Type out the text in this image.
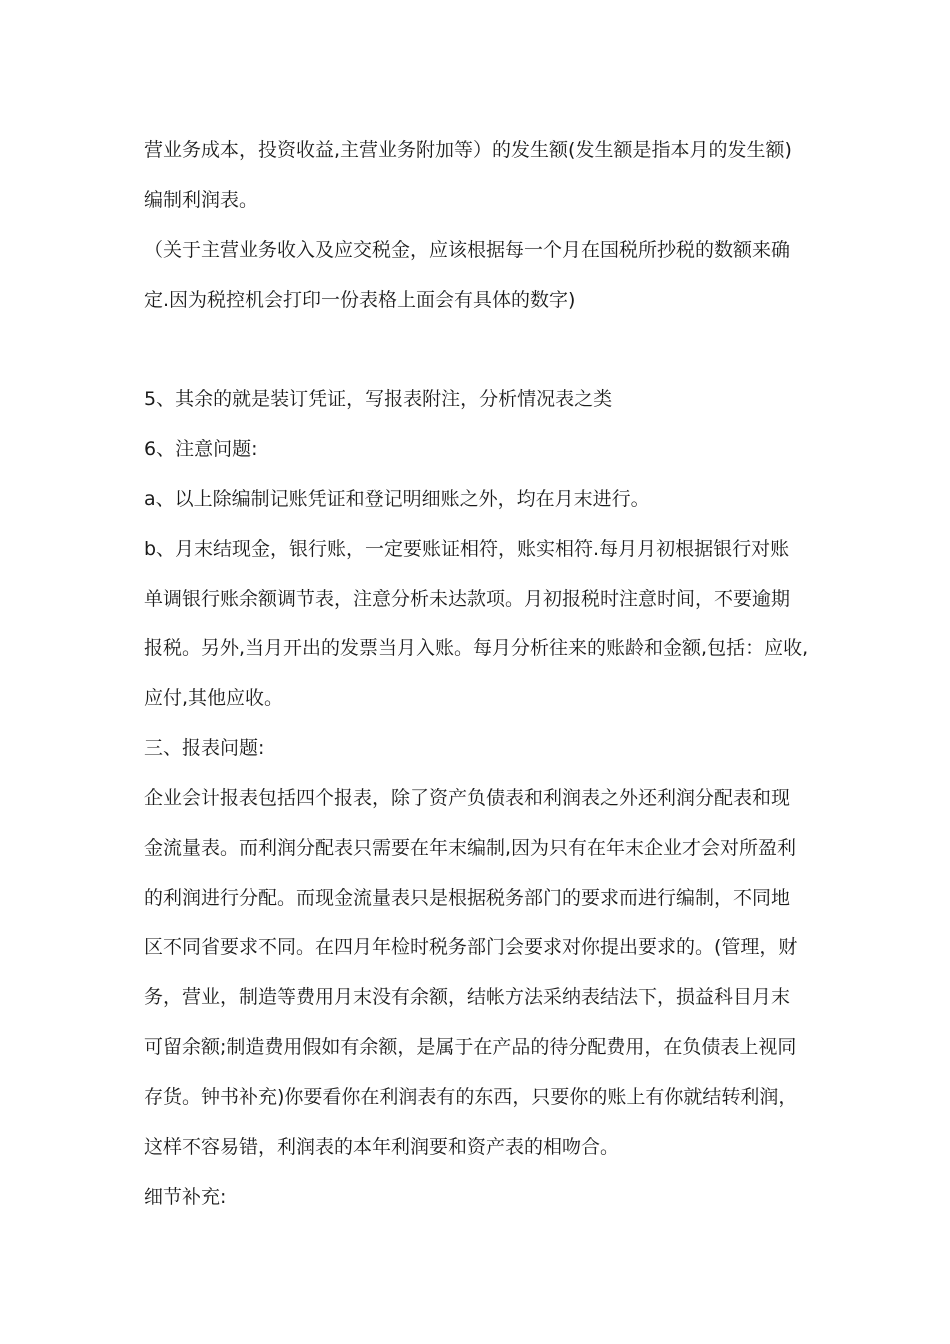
营业务成本，投资收益,主营业务附加等）的发生额(发生额是指本月的发生额)
编制利润表。
（关于主营业务收入及应交税金，应该根据每一个月在国税所抄税的数额来确
定.因为税控机会打印一份表格上面会有具体的数字)
5、其余的就是装订凭证，写报表附注，分析情况表之类
6、注意问题:
a、以上除编制记账凭证和登记明细账之外，均在月末进行。
b、月末结现金，银行账，一定要账证相符，账实相符.每月月初根据银行对账
单调银行账余额调节表，注意分析未达款项。月初报税时注意时间，不要逾期
报税。另外,当月开出的发票当月入账。每月分析往来的账龄和金额,包括：应收,
应付,其他应收。
三、报表问题:
企业会计报表包括四个报表，除了资产负债表和利润表之外还利润分配表和现
金流量表。而利润分配表只需要在年末编制,因为只有在年末企业才会对所盈利
的利润进行分配。而现金流量表只是根据税务部门的要求而进行编制，不同地
区不同省要求不同。在四月年检时税务部门会要求对你提出要求的。(管理，财
务，营业，制造等费用月末没有余额，结帐方法采纳表结法下，损益科目月末
可留余额;制造费用假如有余额，是属于在产品的待分配费用，在负债表上视同
存货。钟书补充)你要看你在利润表有的东西，只要你的账上有你就结转利润，
这样不容易错，利润表的本年利润要和资产表的相吻合。
细节补充:
